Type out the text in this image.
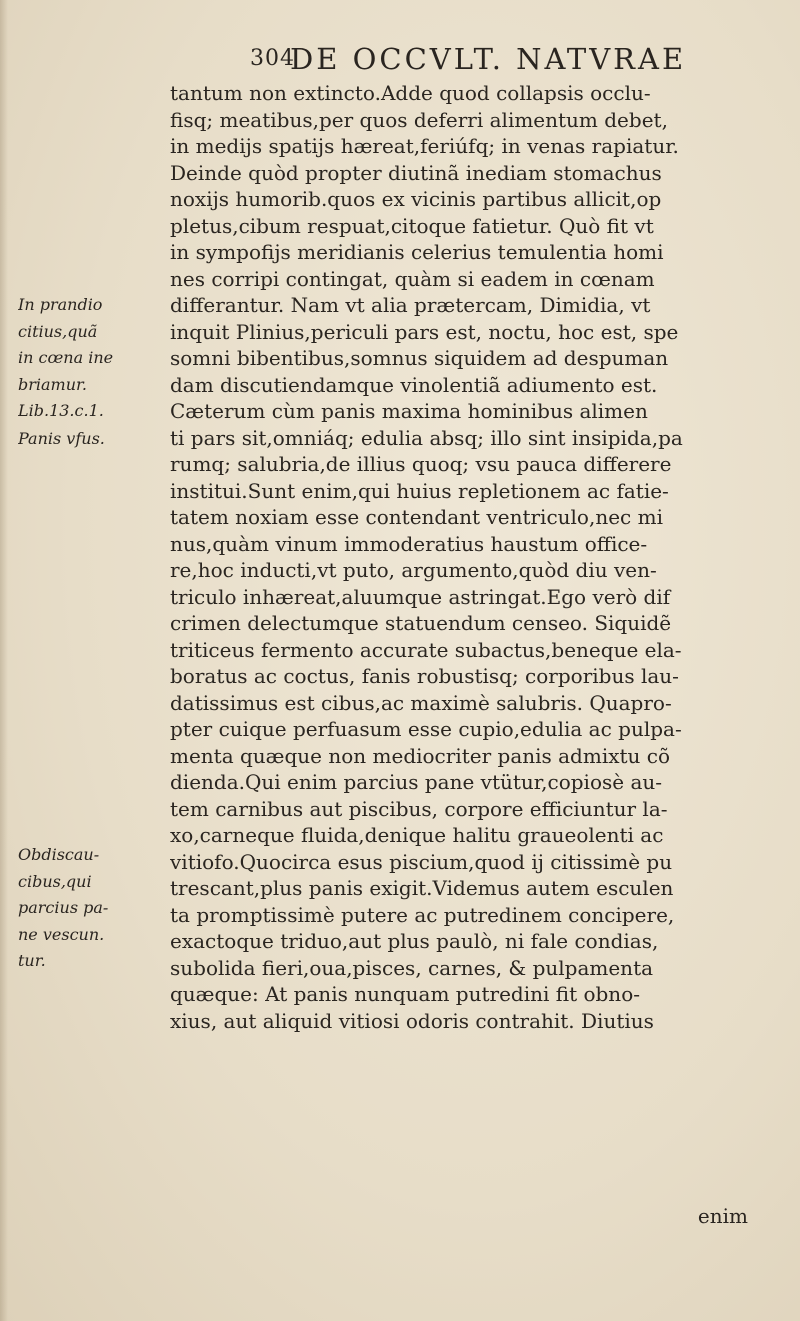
304
DE OCCVLT. NATVRAE
In prandio
citius,quã
in cœna ine
briamur.
Lib.13.c.1.
Panis vfus.
Obdiscau-
cibus,qui
parcius pa-
ne vescun.
tur.
tantum non extincto.Adde quod collapsis occlu-
fisq; meatibus,per quos deferri alimentum debet,
in medijs spatijs hæreat,feriúfq; in venas rapiatur.
Deinde quòd propter diutinã inediam stomachus
noxijs humorib.quos ex vicinis partibus allicit,op
pletus,cibum respuat,citoque fatietur. Quò fit vt
in sympofijs meridianis celerius temulentia homi
nes corripi contingat, quàm si eadem in cœnam
differantur. Nam vt alia prætercam, Dimidia, vt
inquit Plinius,periculi pars est, noctu, hoc est, spe
somni bibentibus,somnus siquidem ad despuman
dam discutiendamque vinolentiã adiumento est.
Cæterum cùm panis maxima hominibus alimen
ti pars sit,omniáq; edulia absq; illo sint insipida,pa
rumq; salubria,de illius quoq; vsu pauca differere
institui.Sunt enim,qui huius repletionem ac fatie-
tatem noxiam esse contendant ventriculo,nec mi
nus,quàm vinum immoderatius haustum office-
re,hoc inducti,vt puto, argumento,quòd diu ven-
triculo inhæreat,aluumque astringat.Ego verò dif
crimen delectumque statuendum censeo. Siquidẽ
triticeus fermento accurate subactus,beneque ela-
boratus ac coctus, fanis robustisq; corporibus lau-
datissimus est cibus,ac maximè salubris. Quapro-
pter cuique perfuasum esse cupio,edulia ac pulpa-
menta quæque non mediocriter panis admixtu cõ
dienda.Qui enim parcius pane vtütur,copiosè au-
tem carnibus aut piscibus, corpore efficiuntur la-
xo,carneque fluida,denique halitu graueolenti ac
vitiofo.Quocirca esus piscium,quod ij citissimè pu
trescant,plus panis exigit.Videmus autem esculen
ta promptissimè putere ac putredinem concipere,
exactoque triduo,aut plus paulò, ni fale condias,
subolida fieri,oua,pisces, carnes, & pulpamenta
quæque: At panis nunquam putredini fit obno-
xius, aut aliquid vitiosi odoris contrahit. Diutius
enim
